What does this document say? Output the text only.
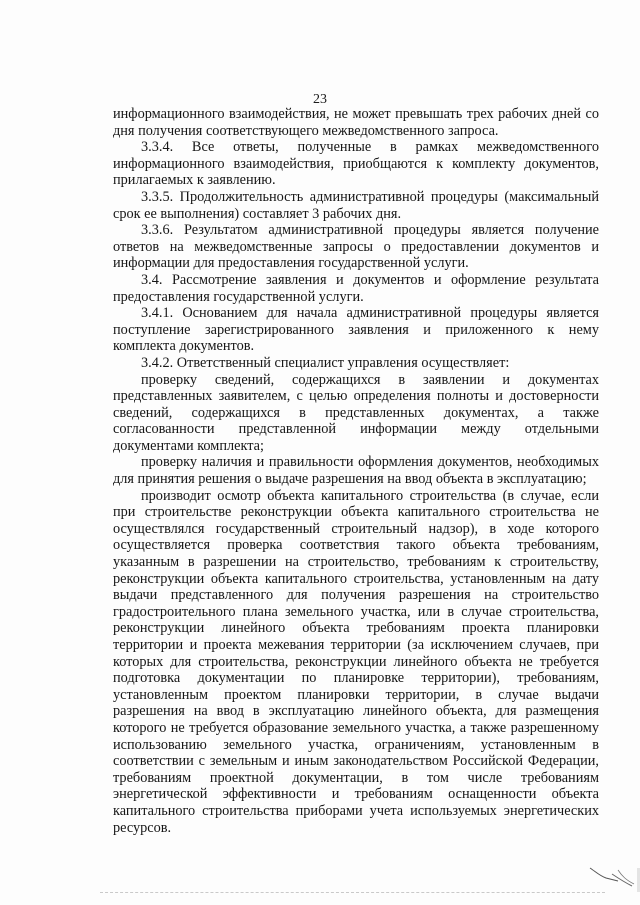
23

информационного взаимодействия, не может превышать трех рабочих дней со дня получения соответствующего межведомственного запроса.

3.3.4. Все ответы, полученные в рамках межведомственного информационного взаимодействия, приобщаются к комплекту документов, прилагаемых к заявлению.

3.3.5. Продолжительность административной процедуры (максимальный срок ее выполнения) составляет 3 рабочих дня.

3.3.6. Результатом административной процедуры является получение ответов на межведомственные запросы о предоставлении документов и информации для предоставления государственной услуги.

3.4. Рассмотрение заявления и документов и оформление результата предоставления государственной услуги.

3.4.1. Основанием для начала административной процедуры является поступление зарегистрированного заявления и приложенного к нему комплекта документов.

3.4.2. Ответственный специалист управления осуществляет:

проверку сведений, содержащихся в заявлении и документах представленных заявителем, с целью определения полноты и достоверности сведений, содержащихся в представленных документах, а также согласованности представленной информации между отдельными документами комплекта;

проверку наличия и правильности оформления документов, необходимых для принятия решения о выдаче разрешения на ввод объекта в эксплуатацию;

производит осмотр объекта капитального строительства (в случае, если при строительстве реконструкции объекта капитального строительства не осуществлялся государственный строительный надзор), в ходе которого осуществляется проверка соответствия такого объекта требованиям, указанным в разрешении на строительство, требованиям к строительству, реконструкции объекта капитального строительства, установленным на дату выдачи представленного для получения разрешения на строительство градостроительного плана земельного участка, или в случае строительства, реконструкции линейного объекта требованиям проекта планировки территории и проекта межевания территории (за исключением случаев, при которых для строительства, реконструкции линейного объекта не требуется подготовка документации по планировке территории), требованиям, установленным проектом планировки территории, в случае выдачи разрешения на ввод в эксплуатацию линейного объекта, для размещения которого не требуется образование земельного участка, а также разрешенному использованию земельного участка, ограничениям, установленным в соответствии с земельным и иным законодательством Российской Федерации, требованиям проектной документации, в том числе требованиям энергетической эффективности и требованиям оснащенности объекта капитального строительства приборами учета используемых энергетических ресурсов.
